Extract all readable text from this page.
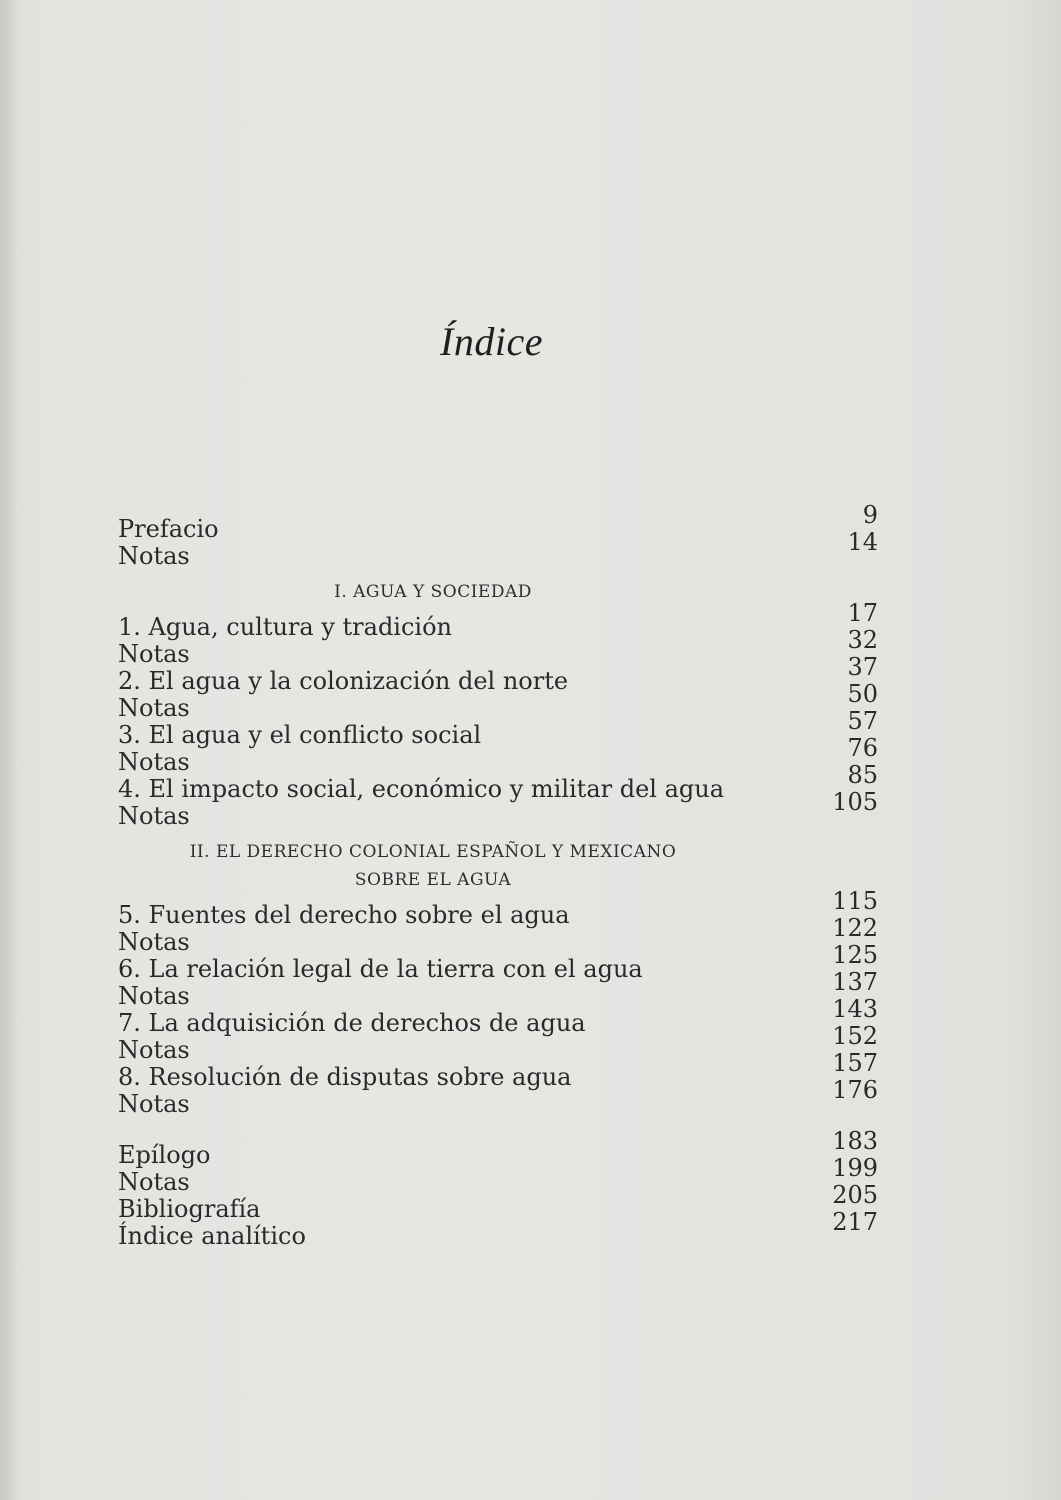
Índice
Prefacio	9
Notas	14
I. AGUA Y SOCIEDAD
1. Agua, cultura y tradición	17
Notas	32
2. El agua y la colonización del norte	37
Notas	50
3. El agua y el conflicto social	57
Notas	76
4. El impacto social, económico y militar del agua	85
Notas	105
II. EL DERECHO COLONIAL ESPAÑOL Y MEXICANO
SOBRE EL AGUA
5. Fuentes del derecho sobre el agua	115
Notas	122
6. La relación legal de la tierra con el agua	125
Notas	137
7. La adquisición de derechos de agua	143
Notas	152
8. Resolución de disputas sobre agua	157
Notas	176
Epílogo	183
Notas	199
Bibliografía	205
Índice analítico	217
